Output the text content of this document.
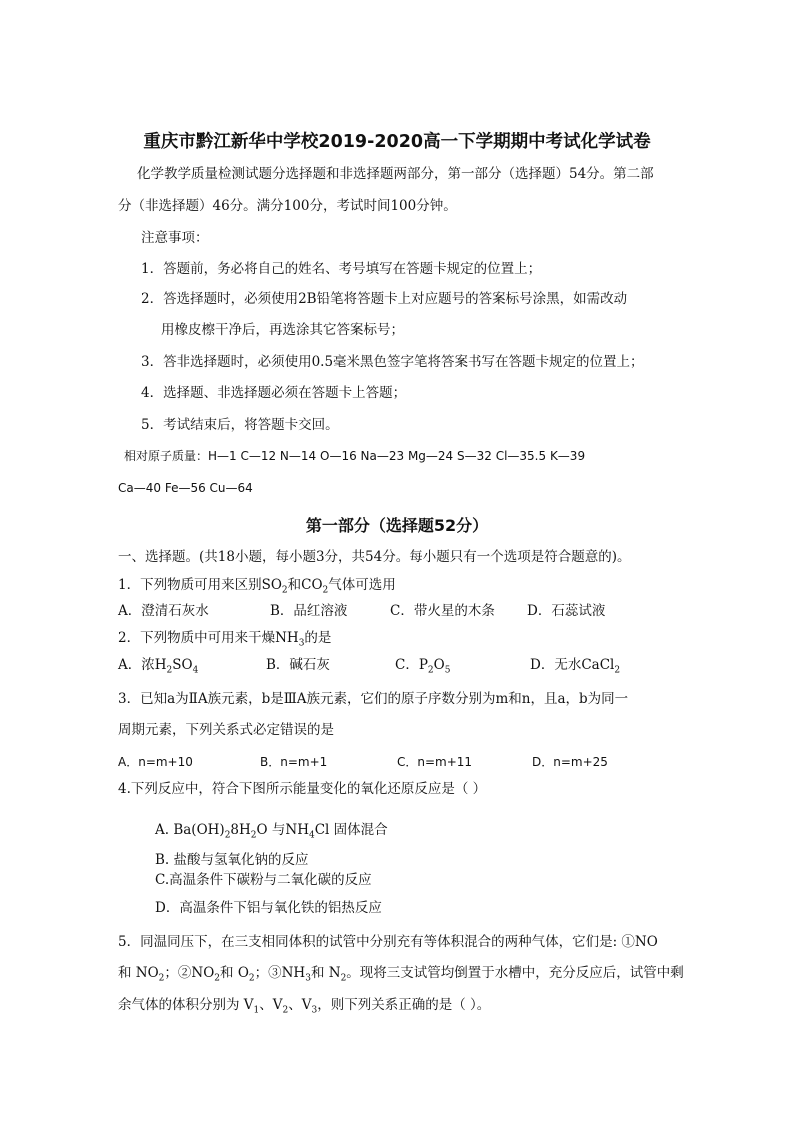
重庆市黔江新华中学校2019-2020高一下学期期中考试化学试卷
化学教学质量检测试题分选择题和非选择题两部分，第一部分（选择题）54分。第二部
分（非选择题）46分。满分100分，考试时间100分钟。
注意事项：
1．答题前，务必将自己的姓名、考号填写在答题卡规定的位置上；
2．答选择题时，必须使用2B铅笔将答题卡上对应题号的答案标号涂黑，如需改动
用橡皮檫干净后，再选涂其它答案标号；
3．答非选择题时，必须使用0.5毫米黑色签字笔将答案书写在答题卡规定的位置上；
4．选择题、非选择题必须在答题卡上答题；
5．考试结束后，将答题卡交回。
相对原子质量：H—1 C—12 N—14 O—16 Na—23 Mg—24 S—32 Cl—35.5 K—39
Ca—40 Fe—56 Cu—64
第一部分（选择题52分）
一、选择题。(共18小题，每小题3分，共54分。每小题只有一个选项是符合题意的)。
1．下列物质可用来区别$SO_2$和$CO_2$气体可选用
A．澄清石灰水	B．品红溶液	C．带火星的木条 D．石蕊试液
2．下列物质中可用来干燥$NH_3$的是
A．浓$H_2SO_4$	B．碱石灰	C．$P_2O_5$	D．无水CaCl$_2$
3．已知a为ⅡA族元素，b是ⅢA族元素，它们的原子序数分别为m和n，且a，b为同一
周期元素，下列关系式必定错误的是
A．n=m+10	B．n=m+1	C．n=m+11	D．n=m+25
4.下列反应中，符合下图所示能量变化的氧化还原反应是（ ）
A. $Ba(OH)_28H_2O$ 与$NH_4Cl$ 固体混合
B. 盐酸与氢氧化钠的反应
C.高温条件下碳粉与二氧化碳的反应
D．高温条件下铝与氧化铁的铝热反应
5．同温同压下，在三支相同体积的试管中分别充有等体积混合的两种气体，它们是: ①NO
和 $NO_2$；$②NO_2$和 $O_2$；$③NH_3$和 $N_2$。现将三支试管均倒置于水槽中，充分反应后，试管中剩
余气体的体积分别为 $V_1$、$V_2$、$V_3$，则下列关系正确的是（ ）。
